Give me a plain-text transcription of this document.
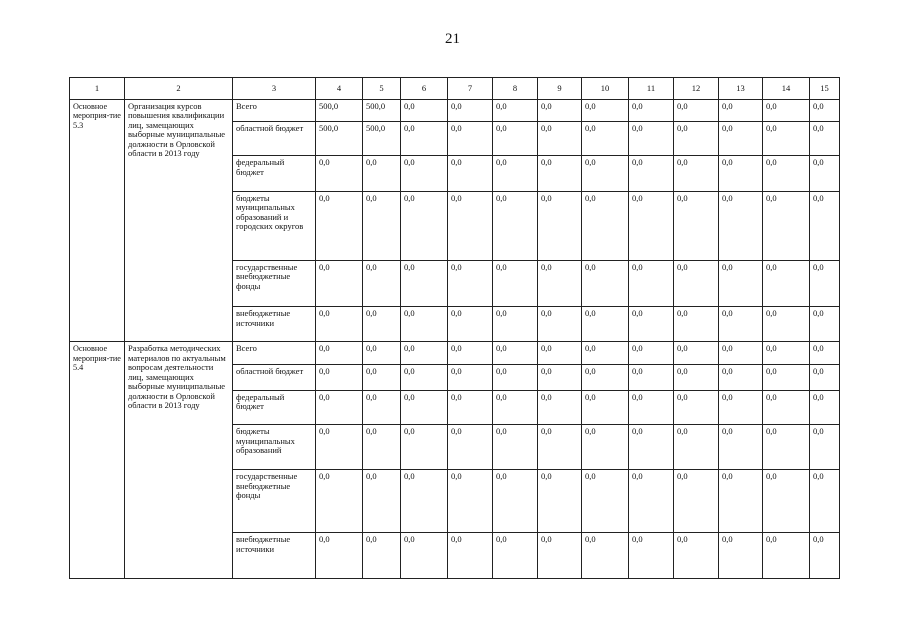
21
1	2	3	4	5	6	7	8	9	10	11	12	13	14	15
Основное мероприя-тие 5.3	Организация курсов повышения квалификации лиц, замещающих выборные муниципальные должности в Орловской области в 2013 году	Всего	500,0	500,0	0,0	0,0	0,0	0,0	0,0	0,0	0,0	0,0	0,0	0,0
		областной бюджет	500,0	500,0	0,0	0,0	0,0	0,0	0,0	0,0	0,0	0,0	0,0	0,0
		федеральный бюджет	0,0	0,0	0,0	0,0	0,0	0,0	0,0	0,0	0,0	0,0	0,0	0,0
		бюджеты муниципальных образований и городских округов	0,0	0,0	0,0	0,0	0,0	0,0	0,0	0,0	0,0	0,0	0,0	0,0
		государственные внебюджетные фонды	0,0	0,0	0,0	0,0	0,0	0,0	0,0	0,0	0,0	0,0	0,0	0,0
		внебюджетные источники	0,0	0,0	0,0	0,0	0,0	0,0	0,0	0,0	0,0	0,0	0,0	0,0
Основное мероприя-тие 5.4	Разработка методических материалов по актуальным вопросам деятельности лиц, замещающих выборные муниципальные должности в Орловской области в 2013 году	Всего	0,0	0,0	0,0	0,0	0,0	0,0	0,0	0,0	0,0	0,0	0,0	0,0
		областной бюджет	0,0	0,0	0,0	0,0	0,0	0,0	0,0	0,0	0,0	0,0	0,0	0,0
		федеральный бюджет	0,0	0,0	0,0	0,0	0,0	0,0	0,0	0,0	0,0	0,0	0,0	0,0
		бюджеты муниципальных образований	0,0	0,0	0,0	0,0	0,0	0,0	0,0	0,0	0,0	0,0	0,0	0,0
		государственные внебюджетные фонды	0,0	0,0	0,0	0,0	0,0	0,0	0,0	0,0	0,0	0,0	0,0	0,0
		внебюджетные источники	0,0	0,0	0,0	0,0	0,0	0,0	0,0	0,0	0,0	0,0	0,0	0,0
